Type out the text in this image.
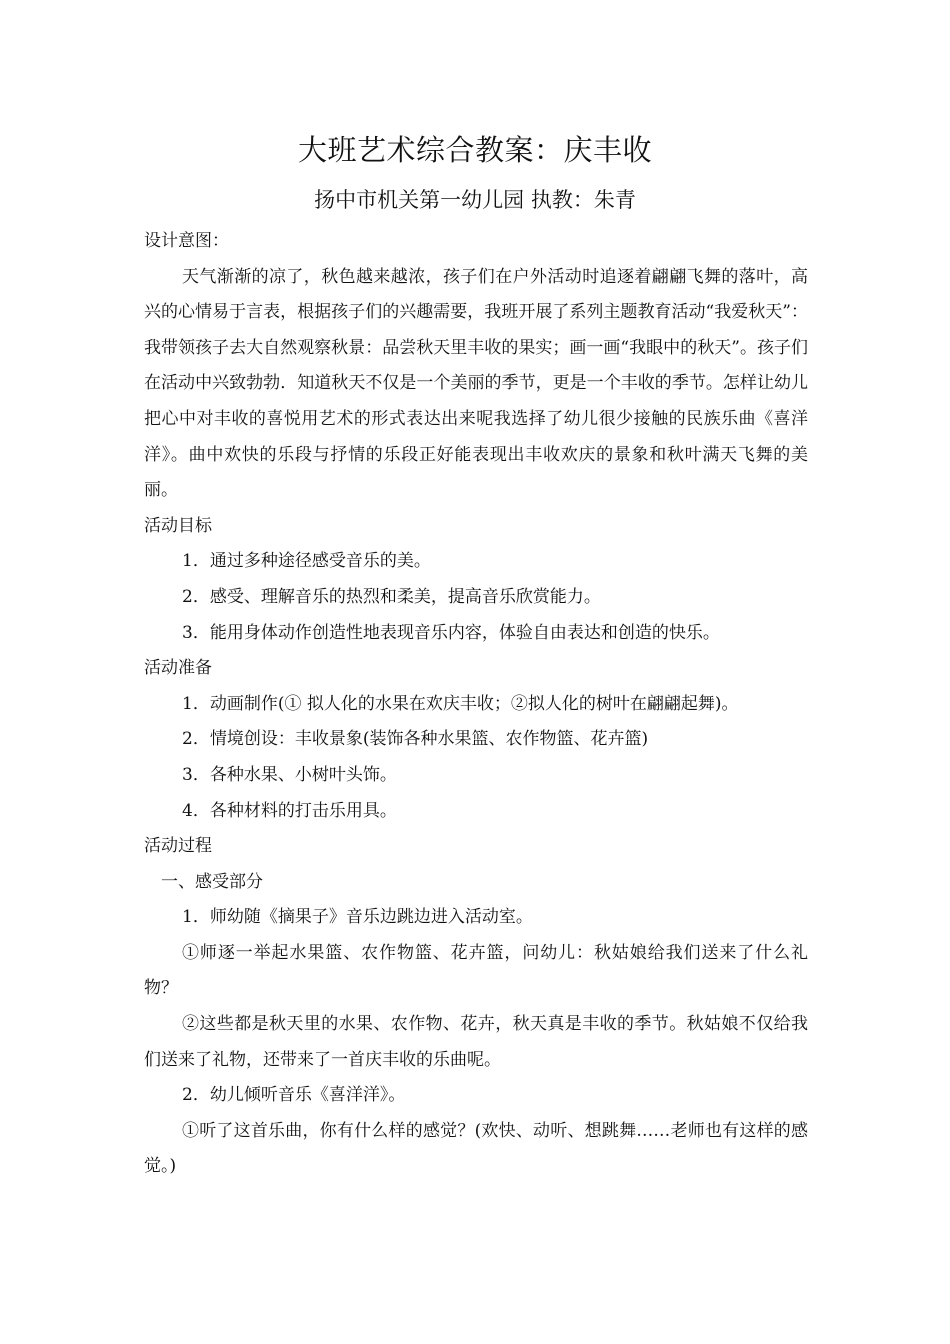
大班艺术综合教案：庆丰收
扬中市机关第一幼儿园 执教：朱青

设计意图：

天气渐渐的凉了，秋色越来越浓，孩子们在户外活动时追逐着翩翩飞舞的落叶，高兴的心情易于言表，根据孩子们的兴趣需要，我班开展了系列主题教育活动“我爱秋天”：我带领孩子去大自然观察秋景：品尝秋天里丰收的果实；画一画“我眼中的秋天”。孩子们在活动中兴致勃勃．知道秋天不仅是一个美丽的季节，更是一个丰收的季节。怎样让幼儿把心中对丰收的喜悦用艺术的形式表达出来呢我选择了幼儿很少接触的民族乐曲《喜洋洋》。曲中欢快的乐段与抒情的乐段正好能表现出丰收欢庆的景象和秋叶满天飞舞的美丽。

活动目标

1．通过多种途径感受音乐的美。

2．感受、理解音乐的热烈和柔美，提高音乐欣赏能力。

3．能用身体动作创造性地表现音乐内容，体验自由表达和创造的快乐。

活动准备

1．动画制作(① 拟人化的水果在欢庆丰收；②拟人化的树叶在翩翩起舞)。

2．情境创设：丰收景象(装饰各种水果篮、农作物篮、花卉篮)

3．各种水果、小树叶头饰。

4．各种材料的打击乐用具。

活动过程

一、感受部分

1．师幼随《摘果子》音乐边跳边进入活动室。

①师逐一举起水果篮、农作物篮、花卉篮，问幼儿：秋姑娘给我们送来了什么礼物？

②这些都是秋天里的水果、农作物、花卉，秋天真是丰收的季节。秋姑娘不仅给我们送来了礼物，还带来了一首庆丰收的乐曲呢。

2．幼儿倾听音乐《喜洋洋》。

①听了这首乐曲，你有什么样的感觉？(欢快、动听、想跳舞……老师也有这样的感觉。)
